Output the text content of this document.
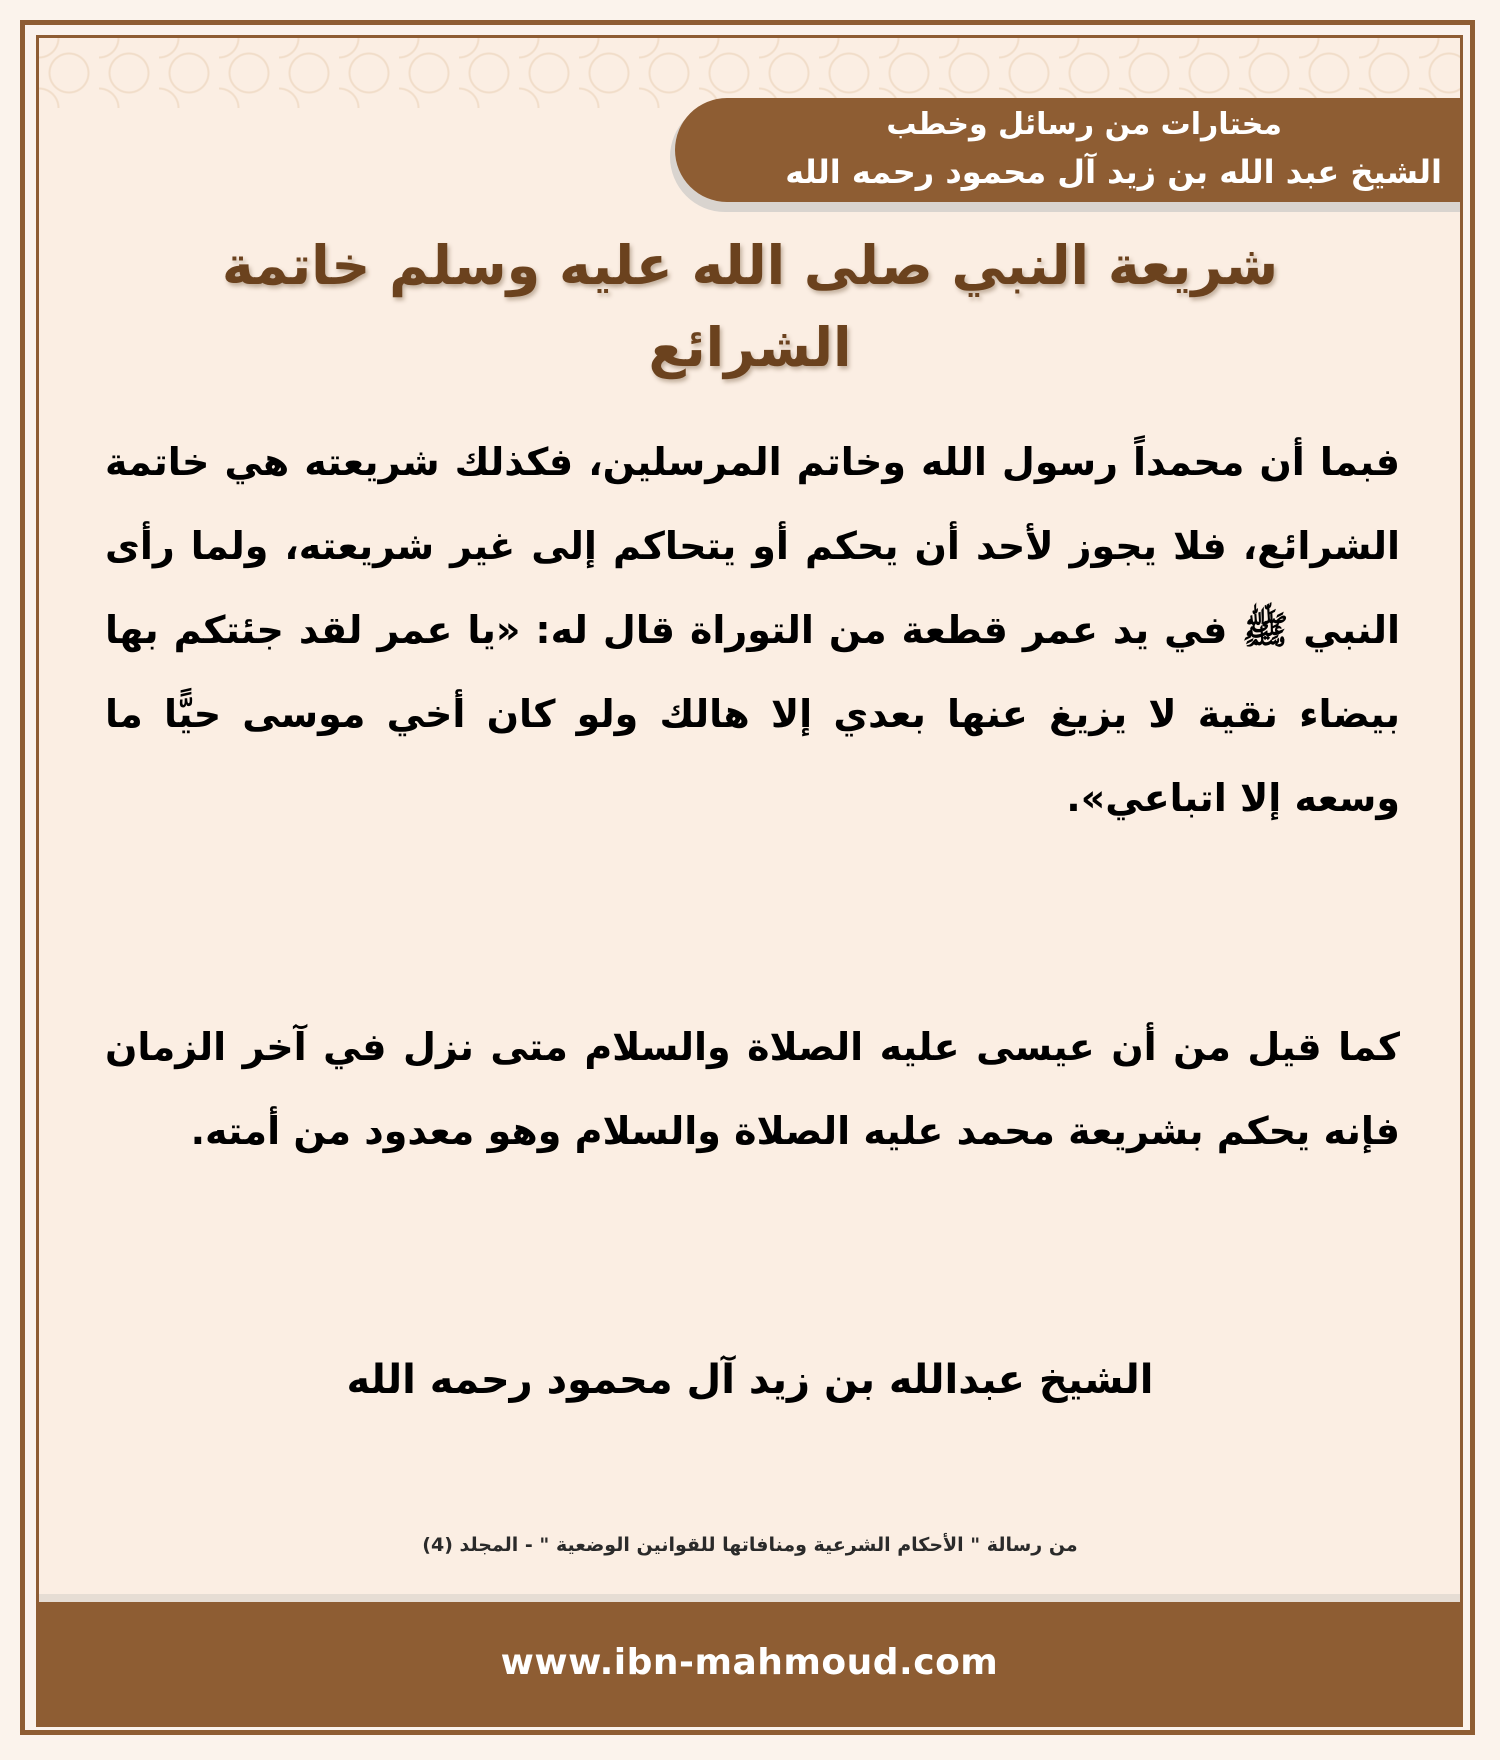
مختارات من رسائل وخطب
الشيخ عبد الله بن زيد آل محمود رحمه الله
شريعة النبي صلى الله عليه وسلم خاتمة الشرائع

فبما أن محمداً رسول الله وخاتم المرسلين، فكذلك شريعته هي خاتمة الشرائع، فلا يجوز لأحد أن يحكم أو يتحاكم إلى غير شريعته، ولما رأى النبي ﷺ في يد عمر قطعة من التوراة قال له: «يا عمر لقد جئتكم بها بيضاء نقية لا يزيغ عنها بعدي إلا هالك ولو كان أخي موسى حيًّا ما وسعه إلا اتباعي».

كما قيل من أن عيسى عليه الصلاة والسلام متى نزل في آخر الزمان فإنه يحكم بشريعة محمد عليه الصلاة والسلام وهو معدود من أمته.

الشيخ عبدالله بن زيد آل محمود رحمه الله
من رسالة " الأحكام الشرعية ومنافاتها للقوانين الوضعية " - المجلد (4)
www.ibn-mahmoud.com
